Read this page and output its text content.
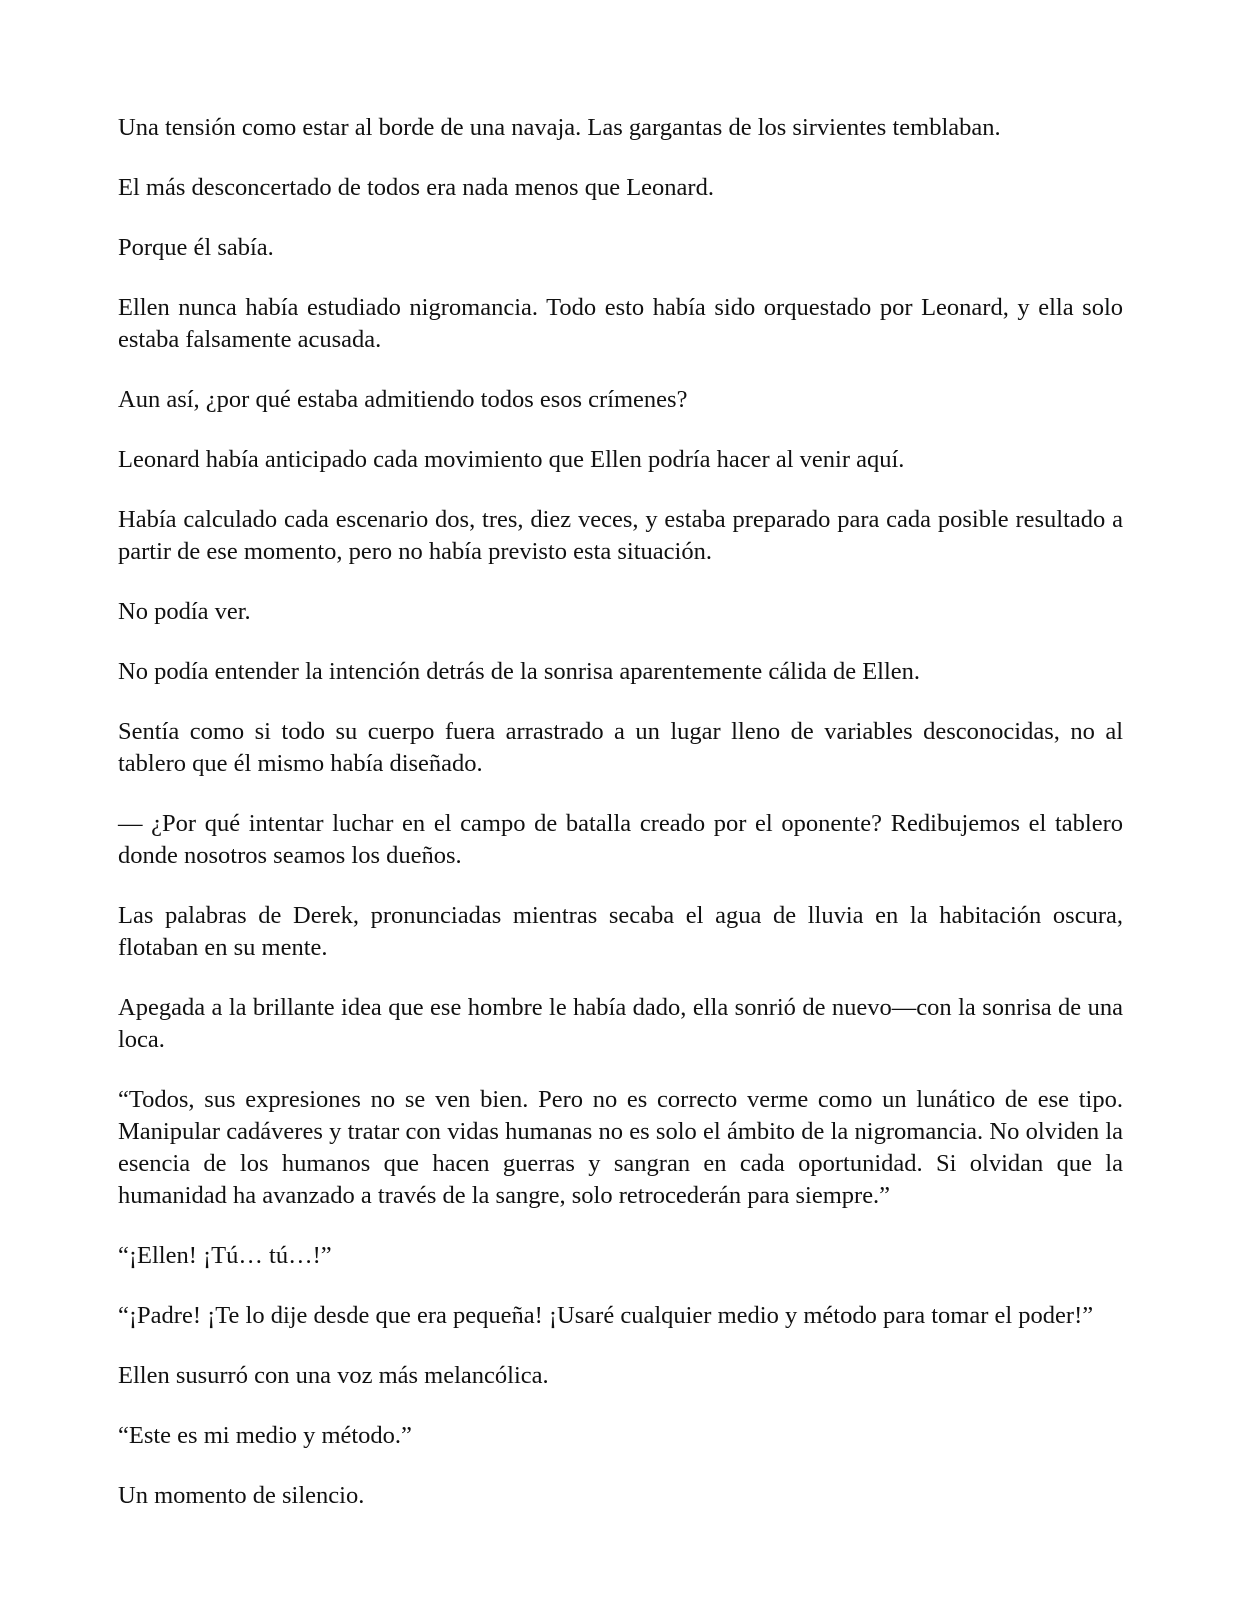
Una tensión como estar al borde de una navaja. Las gargantas de los sirvientes temblaban.

El más desconcertado de todos era nada menos que Leonard.

Porque él sabía.

Ellen nunca había estudiado nigromancia. Todo esto había sido orquestado por Leonard, y ella solo estaba falsamente acusada.

Aun así, ¿por qué estaba admitiendo todos esos crímenes?

Leonard había anticipado cada movimiento que Ellen podría hacer al venir aquí.

Había calculado cada escenario dos, tres, diez veces, y estaba preparado para cada posible resultado a partir de ese momento, pero no había previsto esta situación.

No podía ver.

No podía entender la intención detrás de la sonrisa aparentemente cálida de Ellen.

Sentía como si todo su cuerpo fuera arrastrado a un lugar lleno de variables desconocidas, no al tablero que él mismo había diseñado.

— ¿Por qué intentar luchar en el campo de batalla creado por el oponente? Redibujemos el tablero donde nosotros seamos los dueños.

Las palabras de Derek, pronunciadas mientras secaba el agua de lluvia en la habitación oscura, flotaban en su mente.

Apegada a la brillante idea que ese hombre le había dado, ella sonrió de nuevo—con la sonrisa de una loca.

“Todos, sus expresiones no se ven bien. Pero no es correcto verme como un lunático de ese tipo. Manipular cadáveres y tratar con vidas humanas no es solo el ámbito de la nigromancia. No olviden la esencia de los humanos que hacen guerras y sangran en cada oportunidad. Si olvidan que la humanidad ha avanzado a través de la sangre, solo retrocederán para siempre.”

“¡Ellen! ¡Tú… tú…!”

“¡Padre! ¡Te lo dije desde que era pequeña! ¡Usaré cualquier medio y método para tomar el poder!”

Ellen susurró con una voz más melancólica.

“Este es mi medio y método.”

Un momento de silencio.
